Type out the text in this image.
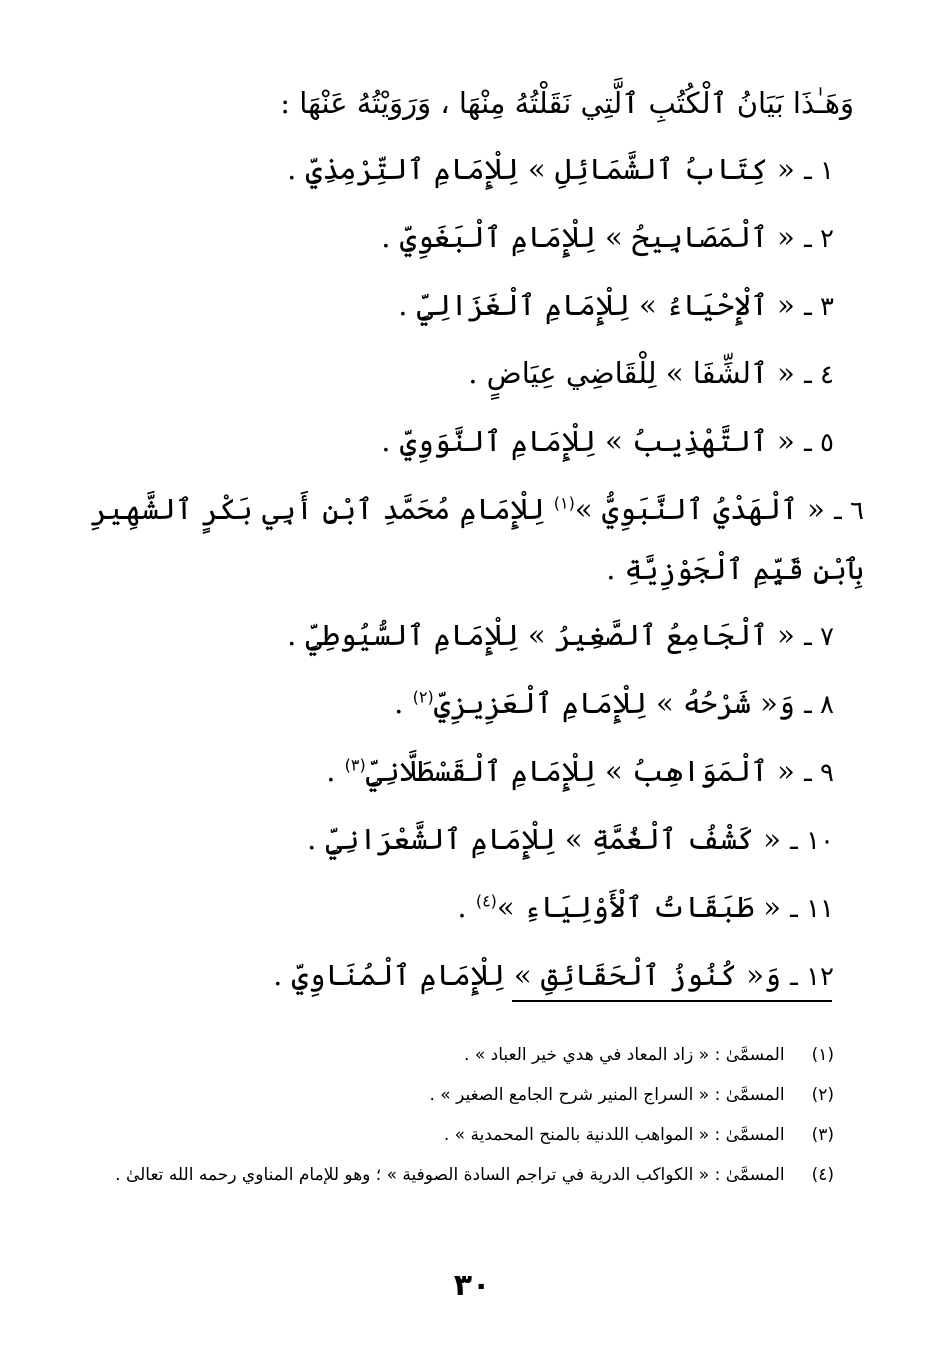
وَهَـٰذَا بَيَانُ ٱلْكُتُبِ ٱلَّتِي نَقَلْتُهُ مِنْهَا ، وَرَوَيْتُهُ عَنْهَا :
١ ـ « كِتَابُ ٱلشَّمَائِلِ » لِلْإِمَامِ ٱلتِّرْمِذِيِّ .
٢ ـ « ٱلْمَصَابِيحُ » لِلْإِمَامِ ٱلْبَغَوِيِّ .
٣ ـ « ٱلْإِحْيَاءُ » لِلْإِمَامِ ٱلْغَزَالِيِّ .
٤ ـ « ٱلشِّفَا » لِلْقَاضِي عِيَاضٍ .
٥ ـ « ٱلتَّهْذِيبُ » لِلْإِمَامِ ٱلنَّوَوِيِّ .
٦ ـ « ٱلْهَدْيُ ٱلنَّبَوِيُّ »$^{(١)}$ لِلْإِمَامِ مُحَمَّدِ ٱبْنِ أَبِي بَكْرٍ ٱلشَّهِيرِ بِٱبْنِ قَيِّمِ ٱلْجَوْزِيَّةِ .
٧ ـ « ٱلْجَامِعُ ٱلصَّغِيرُ » لِلْإِمَامِ ٱلسُّيُوطِيِّ .
٨ ـ وَ« شَرْحُهُ » لِلْإِمَامِ ٱلْعَزِيزِيِّ$^{(٢)}$ .
٩ ـ « ٱلْمَوَاهِبُ » لِلْإِمَامِ ٱلْقَسْطَلَّانِيِّ$^{(٣)}$ .
١٠ ـ « كَشْفُ ٱلْغُمَّةِ » لِلْإِمَامِ ٱلشَّعْرَانِيِّ .
١١ ـ « طَبَقَاتُ ٱلْأَوْلِيَاءِ »$^{(٤)}$ .
١٢ ـ وَ« كُنُوزُ ٱلْحَقَائِقِ » لِلْإِمَامِ ٱلْمُنَاوِيِّ .
(١) المسمَّىٰ : « زاد المعاد في هدي خير العباد » .
(٢) المسمَّىٰ : « السراج المنير شرح الجامع الصغير » .
(٣) المسمَّىٰ : « المواهب اللدنية بالمنح المحمدية » .
(٤) المسمَّىٰ : « الكواكب الدرية في تراجم السادة الصوفية » ؛ وهو للإمام المناوي رحمه الله تعالىٰ .
٣٠
